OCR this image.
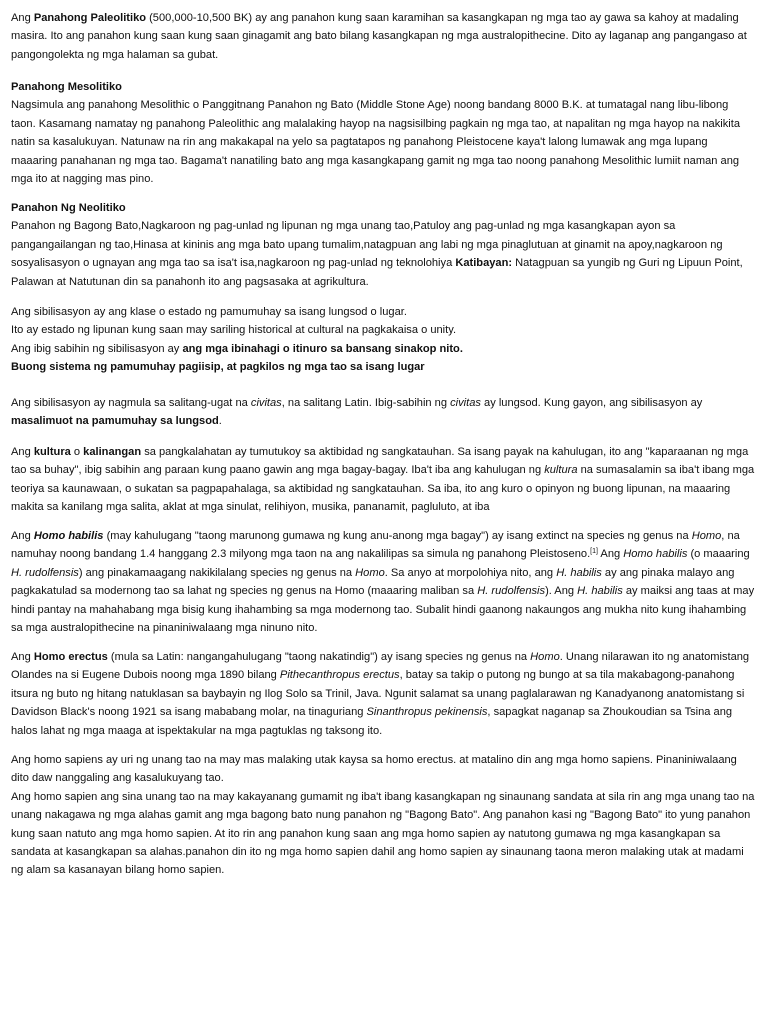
Ang Panahong Paleolitiko (500,000-10,500 BK) ay ang panahon kung saan karamihan sa kasangkapan ng mga tao ay gawa sa kahoy at madaling masira. Ito ang panahon kung saan kung saan ginagamit ang bato bilang kasangkapan ng mga australopithecine. Dito ay laganap ang pangangaso at pangongolekta ng mga halaman sa gubat.

Panahong Mesolitiko

Nagsimula ang panahong Mesolithic o Panggitnang Panahon ng Bato (Middle Stone Age) noong bandang 8000 B.K. at tumatagal nang libu-libong taon. Kasamang namatay ng panahong Paleolithic ang malalaking hayop na nagsisilbing pagkain ng mga tao, at napalitan ng mga hayop na nakikita natin sa kasalukuyan. Natunaw na rin ang makakapal na yelo sa pagtatapos ng panahong Pleistocene kaya't lalong lumawak ang mga lupang maaaring panahanan ng mga tao. Bagama't nanatiling bato ang mga kasangkapang gamit ng mga tao noong panahong Mesolithic lumiit naman ang mga ito at nagging mas pino.

Panahon Ng Neolitiko

Panahon ng Bagong Bato,Nagkaroon ng pag-unlad ng lipunan ng mga unang tao,Patuloy ang pag-unlad ng mga kasangkapan ayon sa pangangailangan ng tao,Hinasa at kininis ang mga bato upang tumalim,natagpuan ang labi ng mga pinaglutuan at ginamit na apoy,nagkaroon ng sosyalisasyon o ugnayan ang mga tao sa isa't isa,nagkaroon ng pag-unlad ng teknolohiya Katibayan: Natagpuan sa yungib ng Guri ng Lipuun Point, Palawan at Natutunan din sa panahonh ito ang pagsasaka at agrikultura.

Ang sibilisasyon ay ang klase o estado ng pamumuhay sa isang lungsod o lugar.

Ito ay estado ng lipunan kung saan may sariling historical at cultural na pagkakaisa o unity.

Ang ibig sabihin ng sibilisasyon ay ang mga ibinahagi o itinuro sa bansang sinakop nito.

Buong sistema ng pamumuhay pagiisip, at pagkilos ng mga tao sa isang lugar

Ang sibilisasyon ay nagmula sa salitang-ugat na civitas, na salitang Latin. Ibig-sabihin ng civitas ay lungsod. Kung gayon, ang sibilisasyon ay masalimuot na pamumuhay sa lungsod.

Ang kultura o kalinangan sa pangkalahatan ay tumutukoy sa aktibidad ng sangkatauhan. Sa isang payak na kahulugan, ito ang "kaparaanan ng mga tao sa buhay", ibig sabihin ang paraan kung paano gawin ang mga bagay-bagay. Iba't iba ang kahulugan ng kultura na sumasalamin sa iba't ibang mga teoriya sa kaunawaan, o sukatan sa pagpapahalaga, sa aktibidad ng sangkatauhan. Sa iba, ito ang kuro o opinyon ng buong lipunan, na maaaring makita sa kanilang mga salita, aklat at mga sinulat, relihiyon, musika, pananamit, pagluluto, at iba

Ang Homo habilis (may kahulugang "taong marunong gumawa ng kung anu-anong mga bagay") ay isang extinct na species ng genus na Homo, na namuhay noong bandang 1.4 hanggang 2.3 milyong mga taon na ang nakalilipas sa simula ng panahong Pleistoseno.[1] Ang Homo habilis (o maaaring H. rudolfensis) ang pinakamaagang nakikilalang species ng genus na Homo. Sa anyo at morpolohiya nito, ang H. habilis ay ang pinaka malayo ang pagkakatulad sa modernong tao sa lahat ng species ng genus na Homo (maaaring maliban sa H. rudolfensis). Ang H. habilis ay maiksi ang taas at may hindi pantay na mahahabang mga bisig kung ihahambing sa mga modernong tao. Subalit hindi gaanong nakaungos ang mukha nito kung ihahambing sa mga australopithecine na pinaniniwalaang mga ninuno nito.

Ang Homo erectus (mula sa Latin: nangangahulugang "taong nakatindig") ay isang species ng genus na Homo. Unang nilarawan ito ng anatomistang Olandes na si Eugene Dubois noong mga 1890 bilang Pithecanthropus erectus, batay sa takip o putong ng bungo at sa tila makabagong-panahong itsura ng buto ng hitang natuklasan sa baybayin ng Ilog Solo sa Trinil, Java. Ngunit salamat sa unang paglalarawan ng Kanadyanong anatomistang si Davidson Black's noong 1921 sa isang mababang molar, na tinaguriang Sinanthropus pekinensis, sapagkat naganap sa Zhoukoudian sa Tsina ang halos lahat ng mga maaga at ispektakular na mga pagtuklas ng taksong ito.

Ang homo sapiens ay uri ng unang tao na may mas malaking utak kaysa sa homo erectus. at matalino din ang mga homo sapiens. Pinaniniwalaang dito daw nanggaling ang kasalukuyang tao.

Ang homo sapien ang sina unang tao na may kakayanang gumamit ng iba't ibang kasangkapan ng sinaunang sandata at sila rin ang mga unang tao na unang nakagawa ng mga alahas gamit ang mga bagong bato nung panahon ng "Bagong Bato". Ang panahon kasi ng "Bagong Bato" ito yung panahon kung saan natuto ang mga homo sapien. At ito rin ang panahon kung saan ang mga homo sapien ay natutong gumawa ng mga kasangkapan sa sandata at kasangkapan sa alahas.panahon din ito ng mga homo sapien dahil ang homo sapien ay sinaunang taona meron malaking utak at madami ng alam sa kasanayan bilang homo sapien.
